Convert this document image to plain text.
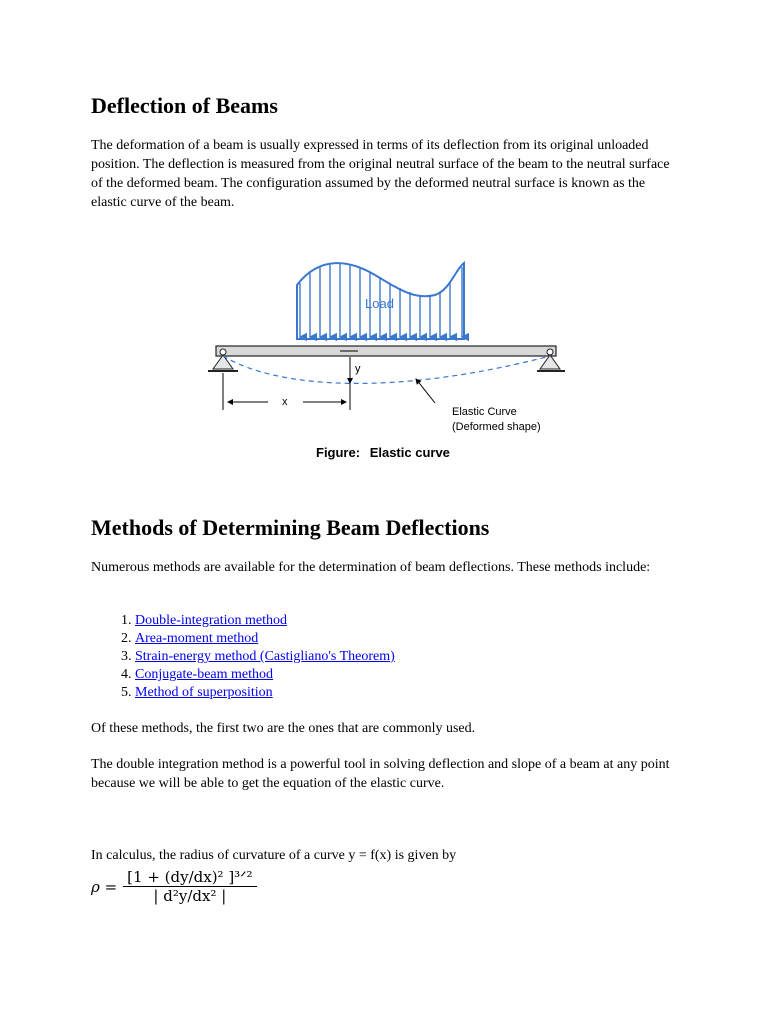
Deflection of Beams

The deformation of a beam is usually expressed in terms of its deflection from its original unloaded position. The deflection is measured from the original neutral surface of the beam to the neutral surface of the deformed beam. The configuration assumed by the deformed neutral surface is known as the elastic curve of the beam.

Methods of Determining Beam Deflections

Numerous methods are available for the determination of beam deflections. These methods include:

1. Double-integration method
2. Area-moment method
3. Strain-energy method (Castigliano's Theorem)
4. Conjugate-beam method
5. Method of superposition

Of these methods, the first two are the ones that are commonly used.

The double integration method is a powerful tool in solving deflection and slope of a beam at any point because we will be able to get the equation of the elastic curve.

In calculus, the radius of curvature of a curve y = f(x) is given by

Load
y
x
Elastic Curve
(Deformed shape)
Figure: Elastic curve
ρ =
[1 + (dy/dx)² ]³ᐟ²
| d²y/dx² |
